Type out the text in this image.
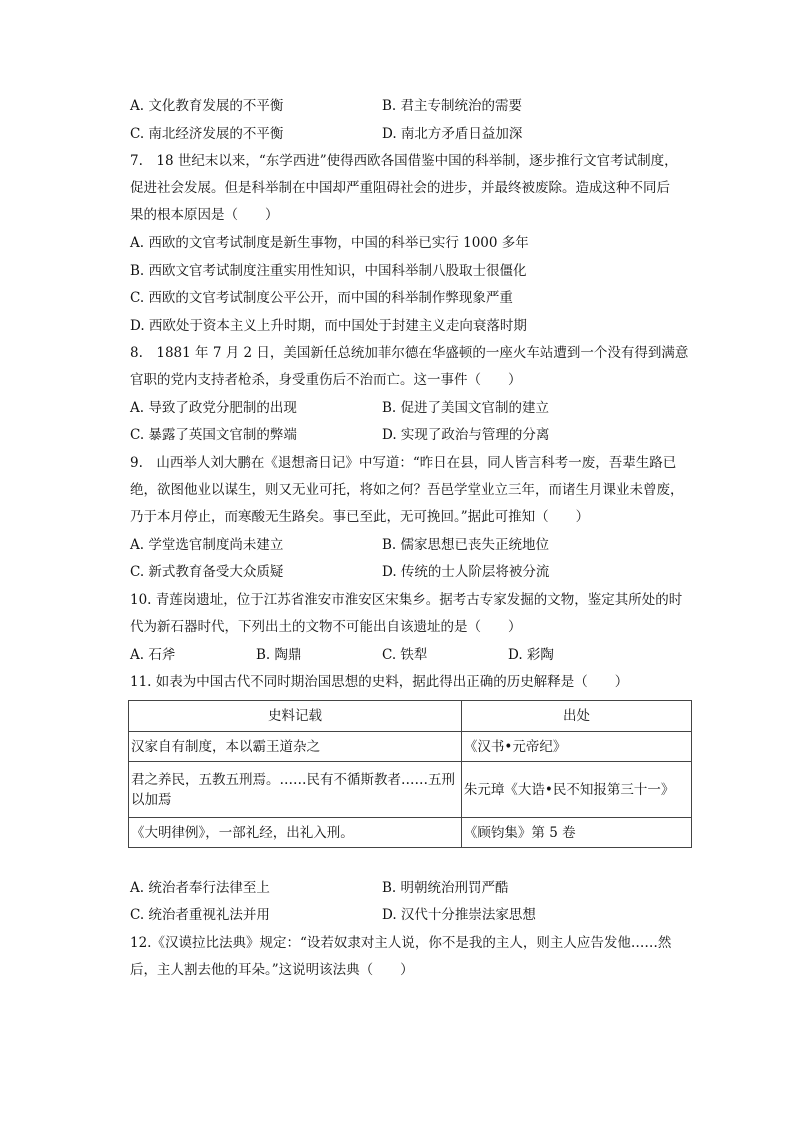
A. 文化教育发展的不平衡	B. 君主专制统治的需要
C. 南北经济发展的不平衡	D. 南北方矛盾日益加深
7.　18 世纪末以来，“东学西进”使得西欧各国借鉴中国的科举制，逐步推行文官考试制度，
促进社会发展。但是科举制在中国却严重阻碍社会的进步，并最终被废除。造成这种不同后
果的根本原因是（　　）
A. 西欧的文官考试制度是新生事物，中国的科举已实行 1000 多年
B. 西欧文官考试制度注重实用性知识，中国科举制八股取士很僵化
C. 西欧的文官考试制度公平公开，而中国的科举制作弊现象严重
D. 西欧处于资本主义上升时期，而中国处于封建主义走向衰落时期
8.　1881 年 7 月 2 日，美国新任总统加菲尔德在华盛顿的一座火车站遭到一个没有得到满意
官职的党内支持者枪杀，身受重伤后不治而亡。这一事件（　　）
A. 导致了政党分肥制的出现	B. 促进了美国文官制的建立
C. 暴露了英国文官制的弊端	D. 实现了政治与管理的分离
9.　山西举人刘大鹏在《退想斋日记》中写道：“昨日在县，同人皆言科考一废，吾辈生路已
绝，欲图他业以谋生，则又无业可托，将如之何？吾邑学堂业立三年，而诸生月课业未曾废，
乃于本月停止，而寒酸无生路矣。事已至此，无可挽回。”据此可推知（　　）
A. 学堂选官制度尚未建立	B. 儒家思想已丧失正统地位
C. 新式教育备受大众质疑	D. 传统的士人阶层将被分流
10. 青莲岗遗址，位于江苏省淮安市淮安区宋集乡。据考古专家发掘的文物，鉴定其所处的时
代为新石器时代，下列出土的文物不可能出自该遗址的是（　　）
A. 石斧	B. 陶鼎	C. 铁犁	D. 彩陶
11. 如表为中国古代不同时期治国思想的史料，据此得出正确的历史解释是（　　）
史料记载	出处
汉家自有制度，本以霸王道杂之	《汉书•元帝纪》
君之养民，五教五刑焉。……民有不循斯教者……五刑以加焉	朱元璋《大诰•民不知报第三十一》
《大明律例》，一部礼经，出礼入刑。	《顾钧集》第 5 卷
A. 统治者奉行法律至上	B. 明朝统治刑罚严酷
C. 统治者重视礼法并用	D. 汉代十分推崇法家思想
12.《汉谟拉比法典》规定：“设若奴隶对主人说，你不是我的主人，则主人应告发他……然
后，主人割去他的耳朵。”这说明该法典（　　）
